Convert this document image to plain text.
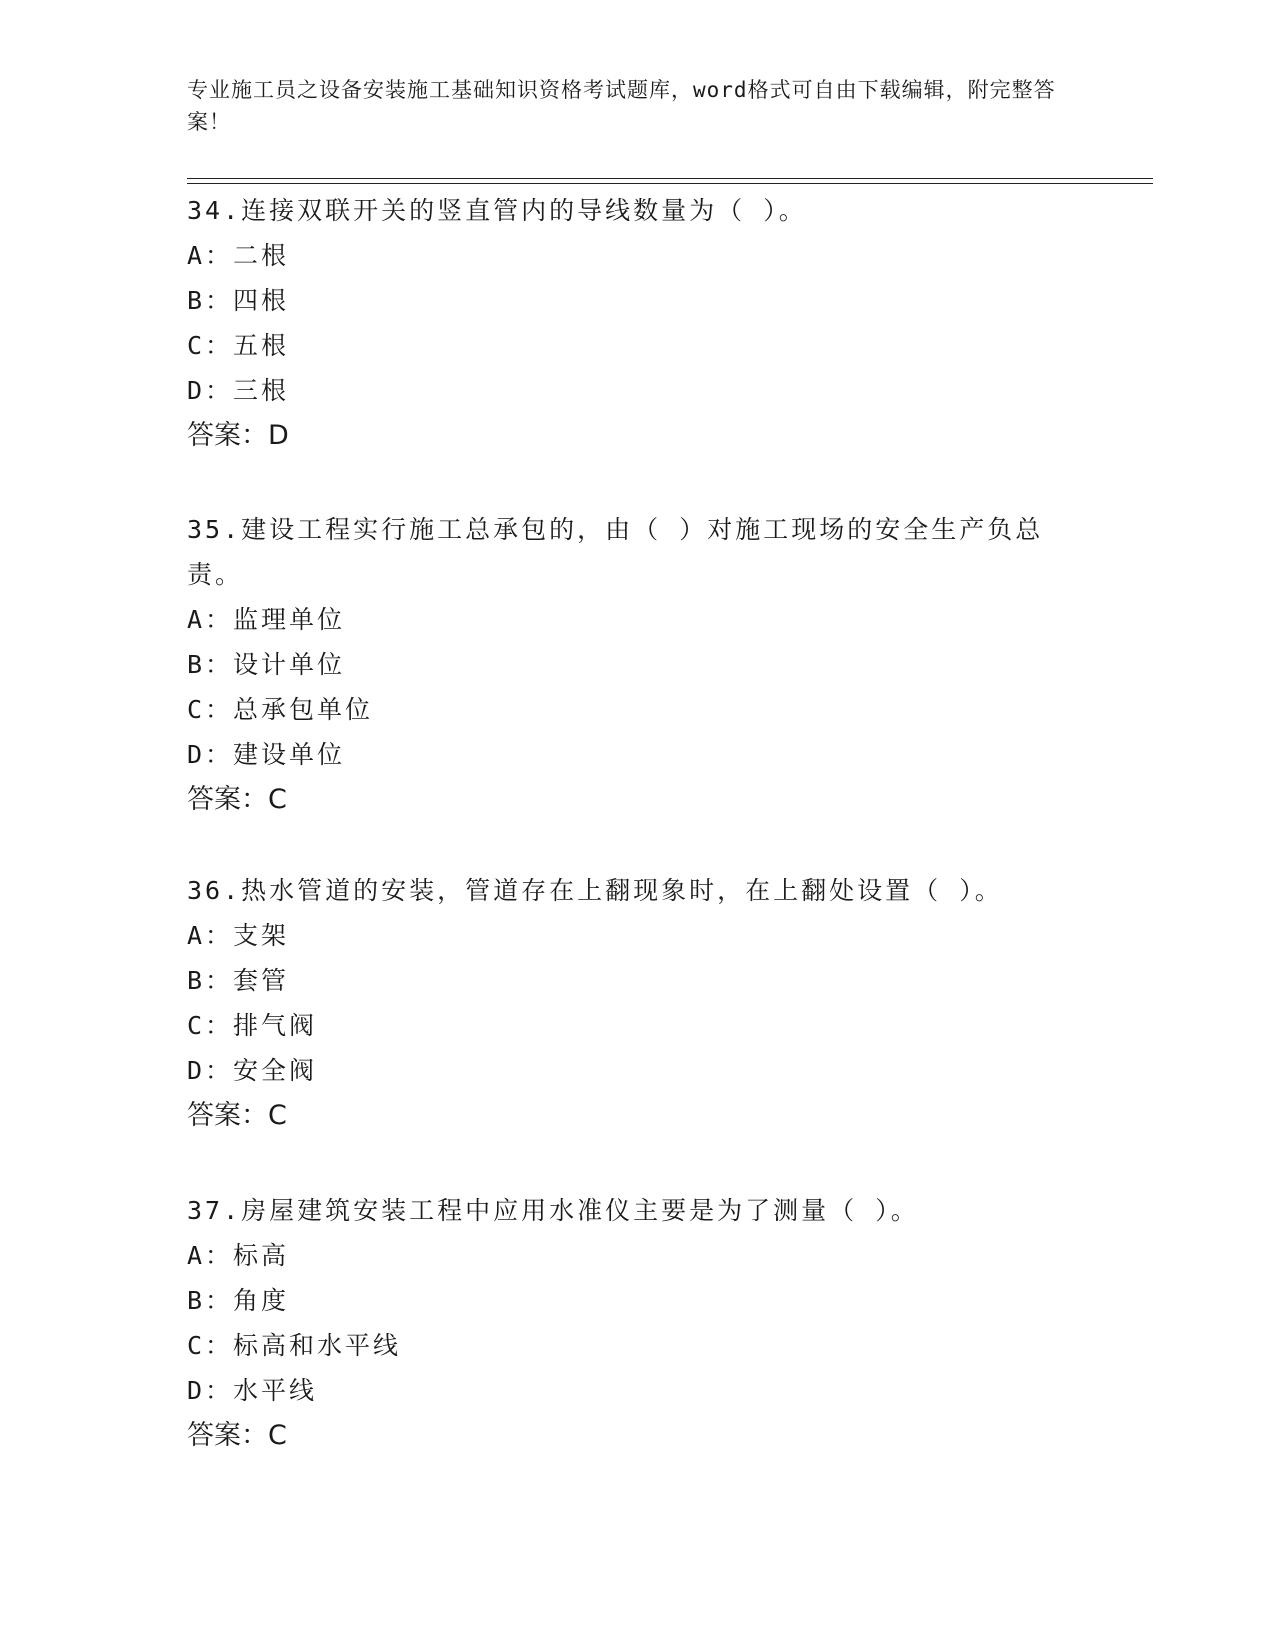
专业施工员之设备安装施工基础知识资格考试题库，word格式可自由下载编辑，附完整答案！

34.连接双联开关的竖直管内的导线数量为（ ）。

A：二根

B：四根

C：五根

D：三根

答案：D

35.建设工程实行施工总承包的，由（ ）对施工现场的安全生产负总责。

A：监理单位

B：设计单位

C：总承包单位

D：建设单位

答案：C

36.热水管道的安装，管道存在上翻现象时，在上翻处设置（ ）。

A：支架

B：套管

C：排气阀

D：安全阀

答案：C

37.房屋建筑安装工程中应用水准仪主要是为了测量（ ）。

A：标高

B：角度

C：标高和水平线

D：水平线

答案：C
